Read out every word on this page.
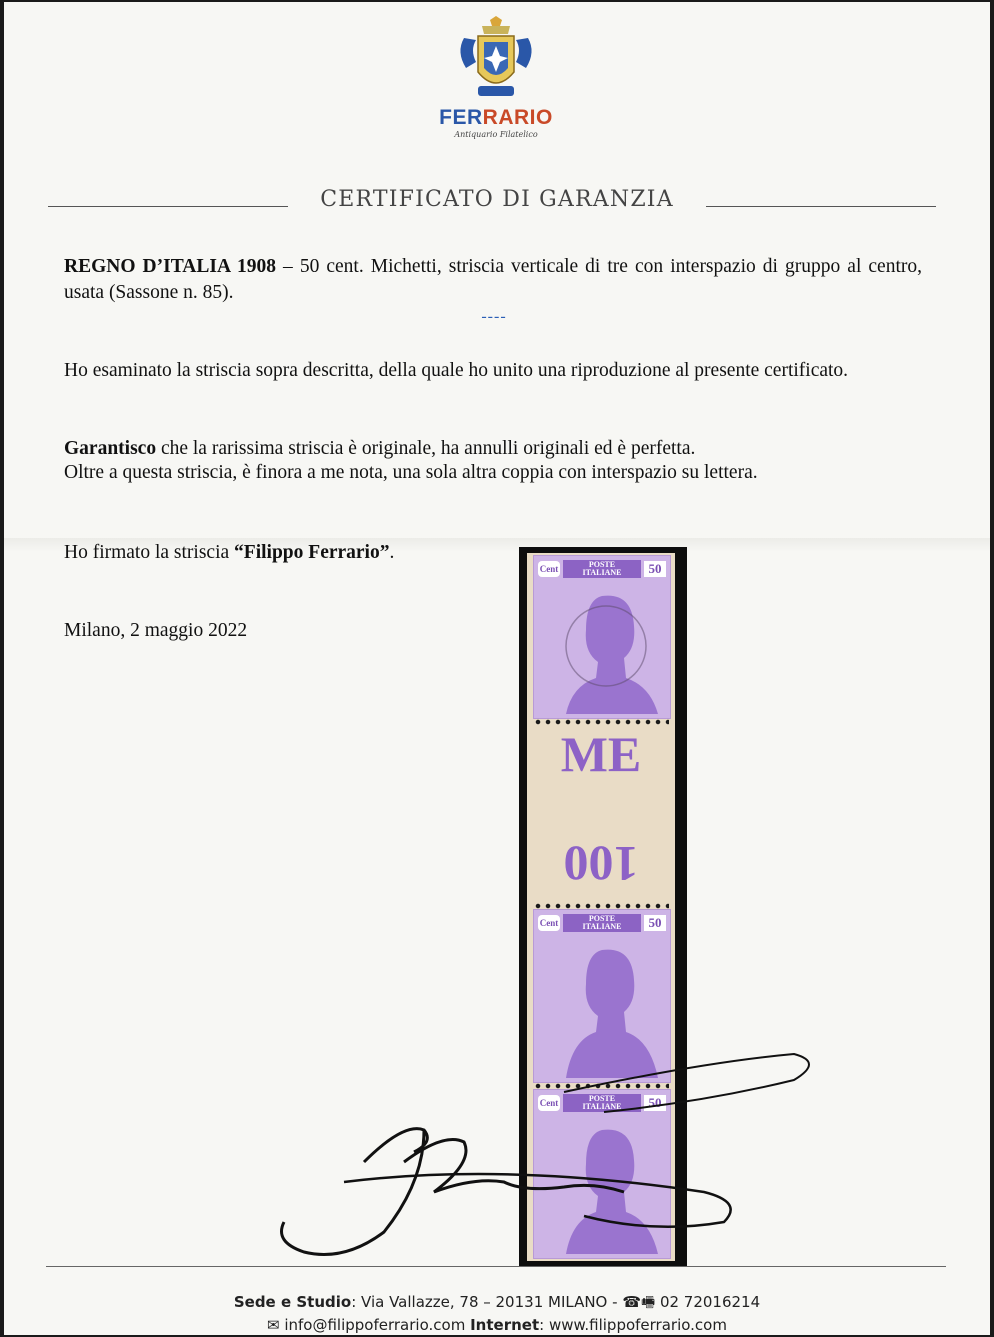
FERRARIO
Antiquario Filatelico
CERTIFICATO DI GARANZIA
REGNO D’ITALIA 1908 – 50 cent. Michetti, striscia verticale di tre con interspazio di gruppo al centro, usata (Sassone n. 85).
----
Ho esaminato la striscia sopra descritta, della quale ho unito una riproduzione al presente certificato.
Garantisco che la rarissima striscia è originale, ha annulli originali ed è perfetta.
Oltre a questa striscia, è finora a me nota, una sola altra coppia con interspazio su lettera.
Ho firmato la striscia “Filippo Ferrario”.
Milano, 2 maggio 2022
Cent	POSTE
ITALIANE	50
ME
100
Cent	POSTE
ITALIANE	50
Cent	POSTE
ITALIANE	50
Sede e Studio: Via Vallazze, 78 – 20131 MILANO - ☎🖷 02 72016214
✉ info@filippoferrario.com Internet: www.filippoferrario.com
